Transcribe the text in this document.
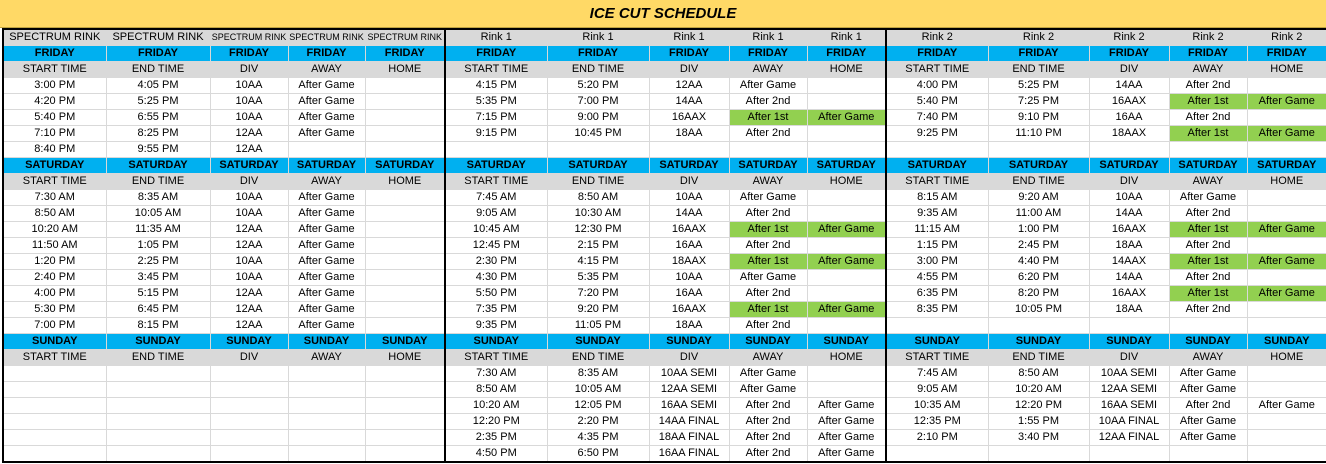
ICE CUT SCHEDULE
SPECTRUM RINK	SPECTRUM RINK	SPECTRUM RINK	SPECTRUM RINK	SPECTRUM RINK	Rink 1	Rink 1	Rink 1	Rink 1	Rink 1	Rink 2	Rink 2	Rink 2	Rink 2	Rink 2
FRIDAY	FRIDAY	FRIDAY	FRIDAY	FRIDAY	FRIDAY	FRIDAY	FRIDAY	FRIDAY	FRIDAY	FRIDAY	FRIDAY	FRIDAY	FRIDAY	FRIDAY
START TIME	END TIME	DIV	AWAY	HOME	START TIME	END TIME	DIV	AWAY	HOME	START TIME	END TIME	DIV	AWAY	HOME
3:00 PM	4:05 PM	10AA	After Game		4:15 PM	5:20 PM	12AA	After Game		4:00 PM	5:25 PM	14AA	After 2nd	
4:20 PM	5:25 PM	10AA	After Game		5:35 PM	7:00 PM	14AA	After 2nd		5:40 PM	7:25 PM	16AAX	After 1st	After Game
5:40 PM	6:55 PM	10AA	After Game		7:15 PM	9:00 PM	16AAX	After 1st	After Game	7:40 PM	9:10 PM	16AA	After 2nd	
7:10 PM	8:25 PM	12AA	After Game		9:15 PM	10:45 PM	18AA	After 2nd		9:25 PM	11:10 PM	18AAX	After 1st	After Game
8:40 PM	9:55 PM	12AA												
SATURDAY	SATURDAY	SATURDAY	SATURDAY	SATURDAY	SATURDAY	SATURDAY	SATURDAY	SATURDAY	SATURDAY	SATURDAY	SATURDAY	SATURDAY	SATURDAY	SATURDAY
START TIME	END TIME	DIV	AWAY	HOME	START TIME	END TIME	DIV	AWAY	HOME	START TIME	END TIME	DIV	AWAY	HOME
7:30 AM	8:35 AM	10AA	After Game		7:45 AM	8:50 AM	10AA	After Game		8:15 AM	9:20 AM	10AA	After Game	
8:50 AM	10:05 AM	10AA	After Game		9:05 AM	10:30 AM	14AA	After 2nd		9:35 AM	11:00 AM	14AA	After 2nd	
10:20 AM	11:35 AM	12AA	After Game		10:45 AM	12:30 PM	16AAX	After 1st	After Game	11:15 AM	1:00 PM	16AAX	After 1st	After Game
11:50 AM	1:05 PM	12AA	After Game		12:45 PM	2:15 PM	16AA	After 2nd		1:15 PM	2:45 PM	18AA	After 2nd	
1:20 PM	2:25 PM	10AA	After Game		2:30 PM	4:15 PM	18AAX	After 1st	After Game	3:00 PM	4:40 PM	14AAX	After 1st	After Game
2:40 PM	3:45 PM	10AA	After Game		4:30 PM	5:35 PM	10AA	After Game		4:55 PM	6:20 PM	14AA	After 2nd	
4:00 PM	5:15 PM	12AA	After Game		5:50 PM	7:20 PM	16AA	After 2nd		6:35 PM	8:20 PM	16AAX	After 1st	After Game
5:30 PM	6:45 PM	12AA	After Game		7:35 PM	9:20 PM	16AAX	After 1st	After Game	8:35 PM	10:05 PM	18AA	After 2nd	
7:00 PM	8:15 PM	12AA	After Game		9:35 PM	11:05 PM	18AA	After 2nd						
SUNDAY	SUNDAY	SUNDAY	SUNDAY	SUNDAY	SUNDAY	SUNDAY	SUNDAY	SUNDAY	SUNDAY	SUNDAY	SUNDAY	SUNDAY	SUNDAY	SUNDAY
START TIME	END TIME	DIV	AWAY	HOME	START TIME	END TIME	DIV	AWAY	HOME	START TIME	END TIME	DIV	AWAY	HOME
					7:30 AM	8:35 AM	10AA SEMI	After Game		7:45 AM	8:50 AM	10AA SEMI	After Game	
					8:50 AM	10:05 AM	12AA SEMI	After Game		9:05 AM	10:20 AM	12AA SEMI	After Game	
					10:20 AM	12:05 PM	16AA SEMI	After 2nd	After Game	10:35 AM	12:20 PM	16AA SEMI	After 2nd	After Game
					12:20 PM	2:20 PM	14AA FINAL	After 2nd	After Game	12:35 PM	1:55 PM	10AA FINAL	After Game	
					2:35 PM	4:35 PM	18AA FINAL	After 2nd	After Game	2:10 PM	3:40 PM	12AA FINAL	After Game	
					4:50 PM	6:50 PM	16AA FINAL	After 2nd	After Game					
